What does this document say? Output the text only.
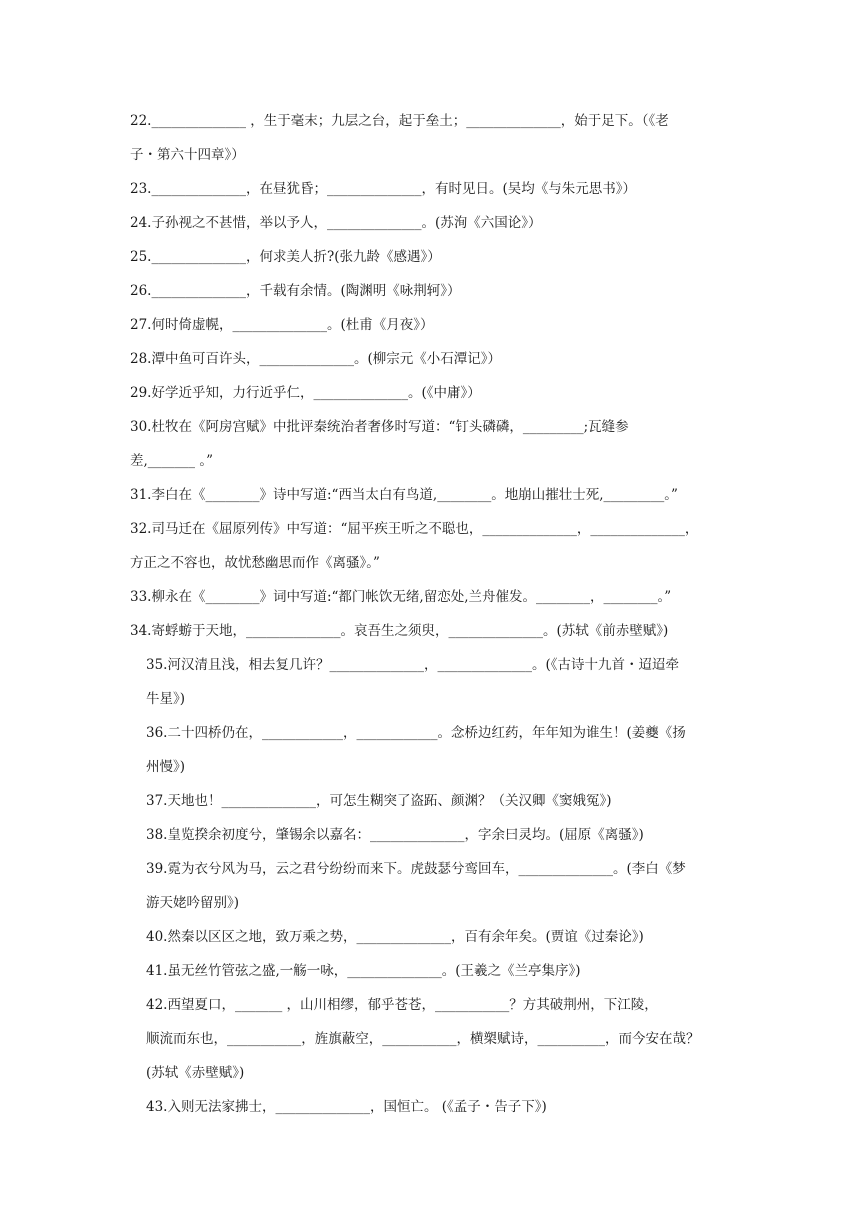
22.______________ ，生于毫末；九层之台，起于垒土；______________，始于足下。（《老
子・第六十四章》）
23.______________，在昼犹昏；______________，有时见日。(吴均《与朱元思书》）
24.子孙视之不甚惜，举以予人，______________。(苏洵《六国论》）
25.______________，何求美人折?(张九龄《感遇》）
26.______________，千载有余情。(陶渊明《咏荆轲》）
27.何时倚虚幌，______________。(杜甫《月夜》）
28.潭中鱼可百许头，______________。(柳宗元《小石潭记》）
29.好学近乎知，力行近乎仁，______________。(《中庸》）
30.杜牧在《阿房宫赋》中批评秦统治者奢侈时写道：“钉头磷磷，_________;瓦缝参
差,_______ 。”
31.李白在《________》诗中写道:“西当太白有鸟道,________。地崩山摧壮士死,_________。”
32.司马迁在《屈原列传》中写道：“屈平疾王听之不聪也，______________，______________，
方正之不容也，故忧愁幽思而作《离骚》。”
33.柳永在《________》词中写道:“都门帐饮无绪,留恋处,兰舟催发。________，________。”
34.寄蜉蝣于天地，______________。哀吾生之须臾，______________。(苏轼《前赤壁赋》)
35.河汉清且浅，相去复几许？______________，______________。(《古诗十九首・迢迢牵
牛星》)
36.二十四桥仍在，____________，____________。念桥边红药，年年知为谁生！(姜夔《扬
州慢》)
37.天地也！______________，可怎生糊突了盗跖、颜渊？（关汉卿《窦娥冤》)
38.皇览揆余初度兮，肇锡余以嘉名：______________，字余曰灵均。(屈原《离骚》)
39.霓为衣兮风为马，云之君兮纷纷而来下。虎鼓瑟兮鸾回车，______________。(李白《梦
游天姥吟留别》)
40.然秦以区区之地，致万乘之势，______________，百有余年矣。(贾谊《过秦论》)
41.虽无丝竹管弦之盛,一觞一咏，______________。(王羲之《兰亭集序》)
42.西望夏口，_______ ，山川相缪，郁乎苍苍，___________？方其破荆州，下江陵，
顺流而东也，___________，旌旗蔽空，___________，横槊赋诗，__________，而今安在哉？
(苏轼《赤壁赋》)
43.入则无法家拂士，______________，国恒亡。 (《孟子・告子下》)
